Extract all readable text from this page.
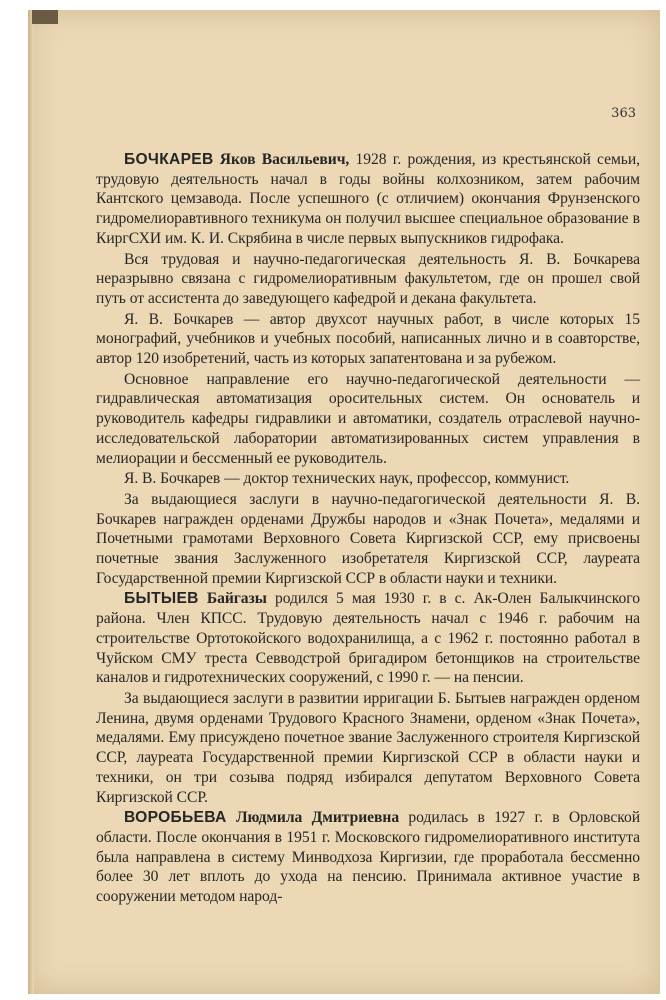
363

БОЧКАРЕВ Яков Васильевич, 1928 г. рождения, из крестьянской семьи, трудовую деятельность начал в годы войны колхозником, затем рабочим Кантского цемзавода. После успешного (с отличием) окончания Фрунзенского гидромелиоравтивного техникума он получил высшее специальное образование в КиргСХИ им. К. И. Скрябина в числе первых выпускников гидрофака.

Вся трудовая и научно-педагогическая деятельность Я. В. Бочкарева неразрывно связана с гидромелиоративным факультетом, где он прошел свой путь от ассистента до заведующего кафедрой и декана факультета.

Я. В. Бочкарев — автор двухсот научных работ, в числе которых 15 монографий, учебников и учебных пособий, написанных лично и в соавторстве, автор 120 изобретений, часть из которых запатентована и за рубежом.

Основное направление его научно-педагогической деятельности — гидравлическая автоматизация оросительных систем. Он основатель и руководитель кафедры гидравлики и автоматики, создатель отраслевой научно-исследовательской лаборатории автоматизированных систем управления в мелиорации и бессменный ее руководитель.

Я. В. Бочкарев — доктор технических наук, профессор, коммунист.

За выдающиеся заслуги в научно-педагогической деятельности Я. В. Бочкарев награжден орденами Дружбы народов и «Знак Почета», медалями и Почетными грамотами Верховного Совета Киргизской ССР, ему присвоены почетные звания Заслуженного изобретателя Киргизской ССР, лауреата Государственной премии Киргизской ССР в области науки и техники.

БЫТЫЕВ Байгазы родился 5 мая 1930 г. в с. Ак-Олен Балыкчинского района. Член КПСС. Трудовую деятельность начал с 1946 г. рабочим на строительстве Ортотокойского водохранилища, а с 1962 г. постоянно работал в Чуйском СМУ треста Севводстрой бригадиром бетонщиков на строительстве каналов и гидротехнических сооружений, с 1990 г. — на пенсии.

За выдающиеся заслуги в развитии ирригации Б. Бытыев награжден орденом Ленина, двумя орденами Трудового Красного Знамени, орденом «Знак Почета», медалями. Ему присуждено почетное звание Заслуженного строителя Киргизской ССР, лауреата Государственной премии Киргизской ССР в области науки и техники, он три созыва подряд избирался депутатом Верховного Совета Киргизской ССР.

ВОРОБЬЕВА Людмила Дмитриевна родилась в 1927 г. в Орловской области. После окончания в 1951 г. Московского гидромелиоративного института была направлена в систему Минводхоза Киргизии, где проработала бессменно более 30 лет вплоть до ухода на пенсию. Принимала активное участие в сооружении методом народ-
